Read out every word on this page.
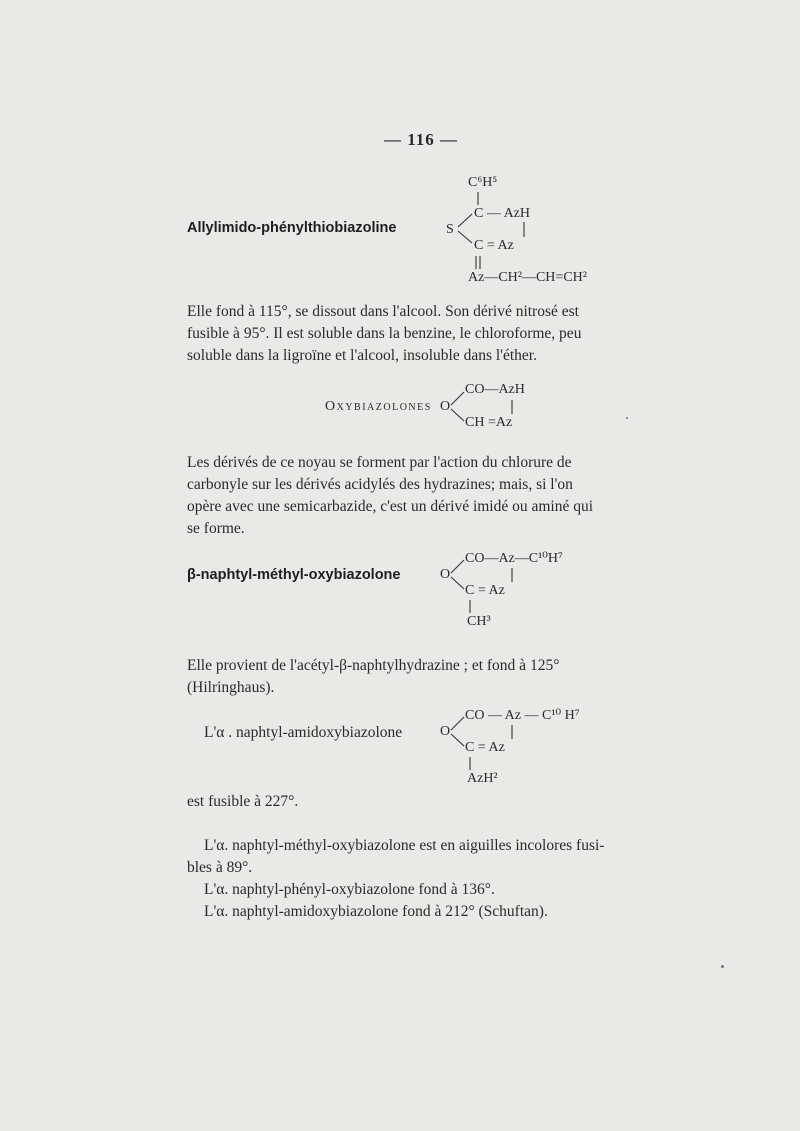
— 116 —
Allylimido-phénylthiobiazoline
C⁶H⁵
C — AzH
S
C = Az
Az—CH²—CH=CH²
Elle fond à 115°, se dissout dans l'alcool. Son dérivé nitrosé est
fusible à 95°. Il est soluble dans la benzine, le chloroforme, peu
soluble dans la ligroïne et l'alcool, insoluble dans l'éther.
Oxybiazolones O
CO—AzH
CH =Az
Les dérivés de ce noyau se forment par l'action du chlorure de
carbonyle sur les dérivés acidylés des hydrazines; mais, si l'on
opère avec une semicarbazide, c'est un dérivé imidé ou aminé qui
se forme.
β-naphtyl-méthyl-oxybiazolone	O
CO—Az—C¹⁰H⁷
C = Az
CH³
Elle provient de l'acétyl-β-naphtylhydrazine ; et fond à 125°
(Hilringhaus).
L'α . naphtyl-amidoxybiazolone	O
CO — Az — C¹⁰ H⁷
C = Az
AzH²
est fusible à 227°.
L'α. naphtyl-méthyl-oxybiazolone est en aiguilles incolores fusi-
bles à 89°.
L'α. naphtyl-phényl-oxybiazolone fond à 136°.
L'α. naphtyl-amidoxybiazolone fond à 212° (Schuftan).
